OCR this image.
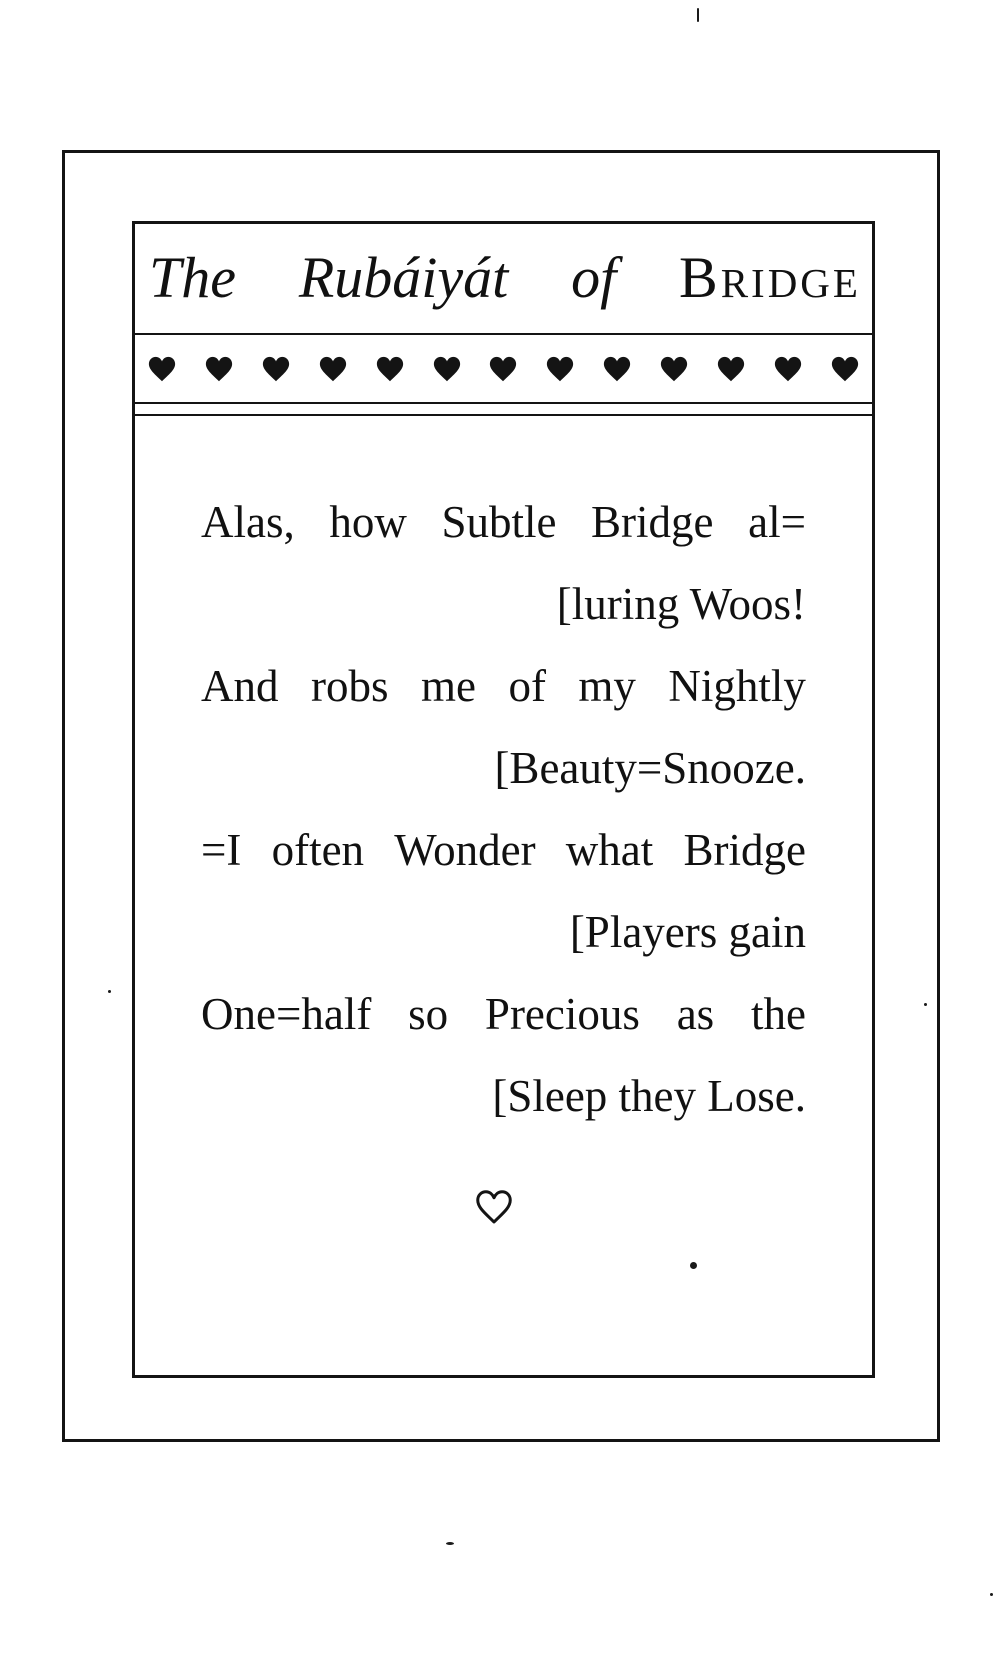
The Rubáiyát of Bridge
Alas, how Subtle Bridge al=
[luring Woos!
And robs me of my Nightly
[Beauty=Snooze.
=I often Wonder what Bridge
[Players gain
One=half so Precious as the
[Sleep they Lose.
